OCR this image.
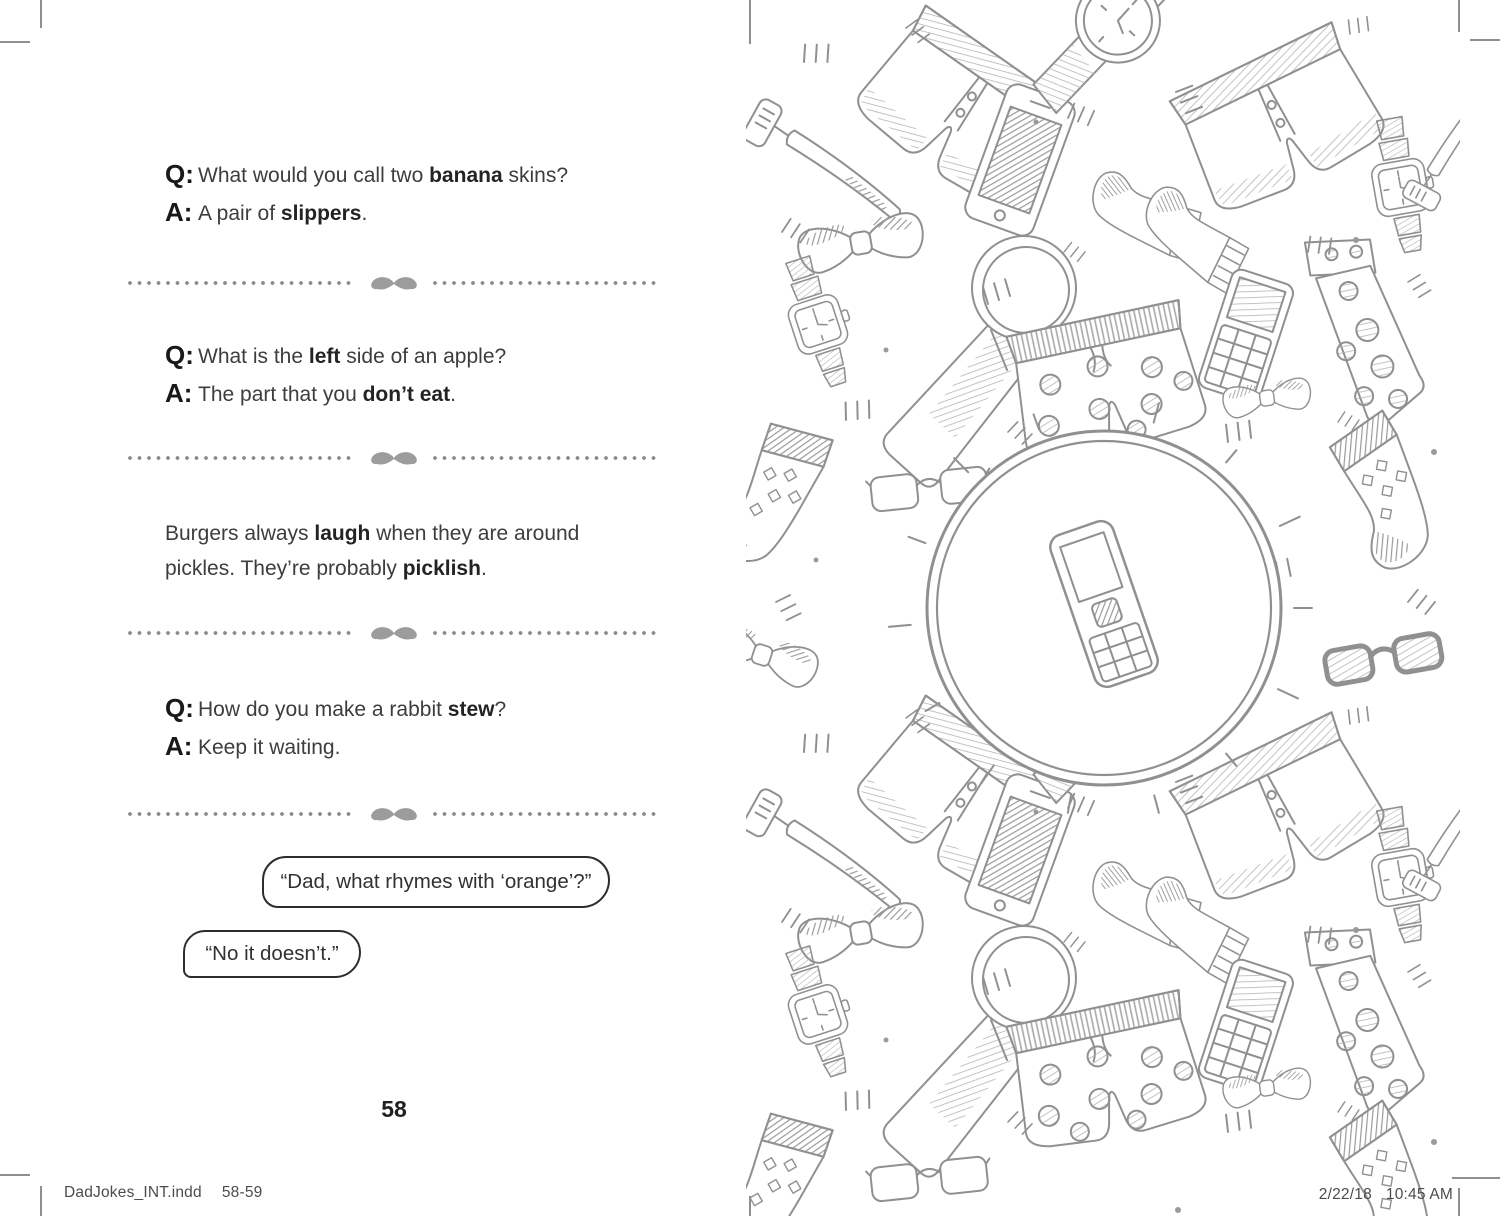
Q: What would you call two banana skins?

A: A pair of slippers.

Q: What is the left side of an apple?

A: The part that you don’t eat.

Burgers always laugh when they are around pickles. They’re probably picklish.

Q: How do you make a rabbit stew?

A: Keep it waiting.

“Dad, what rhymes with ‘orange’?”
“No it doesn’t.”
58
DadJokes_INT.indd 58-59	2/22/18 10:45 AM
